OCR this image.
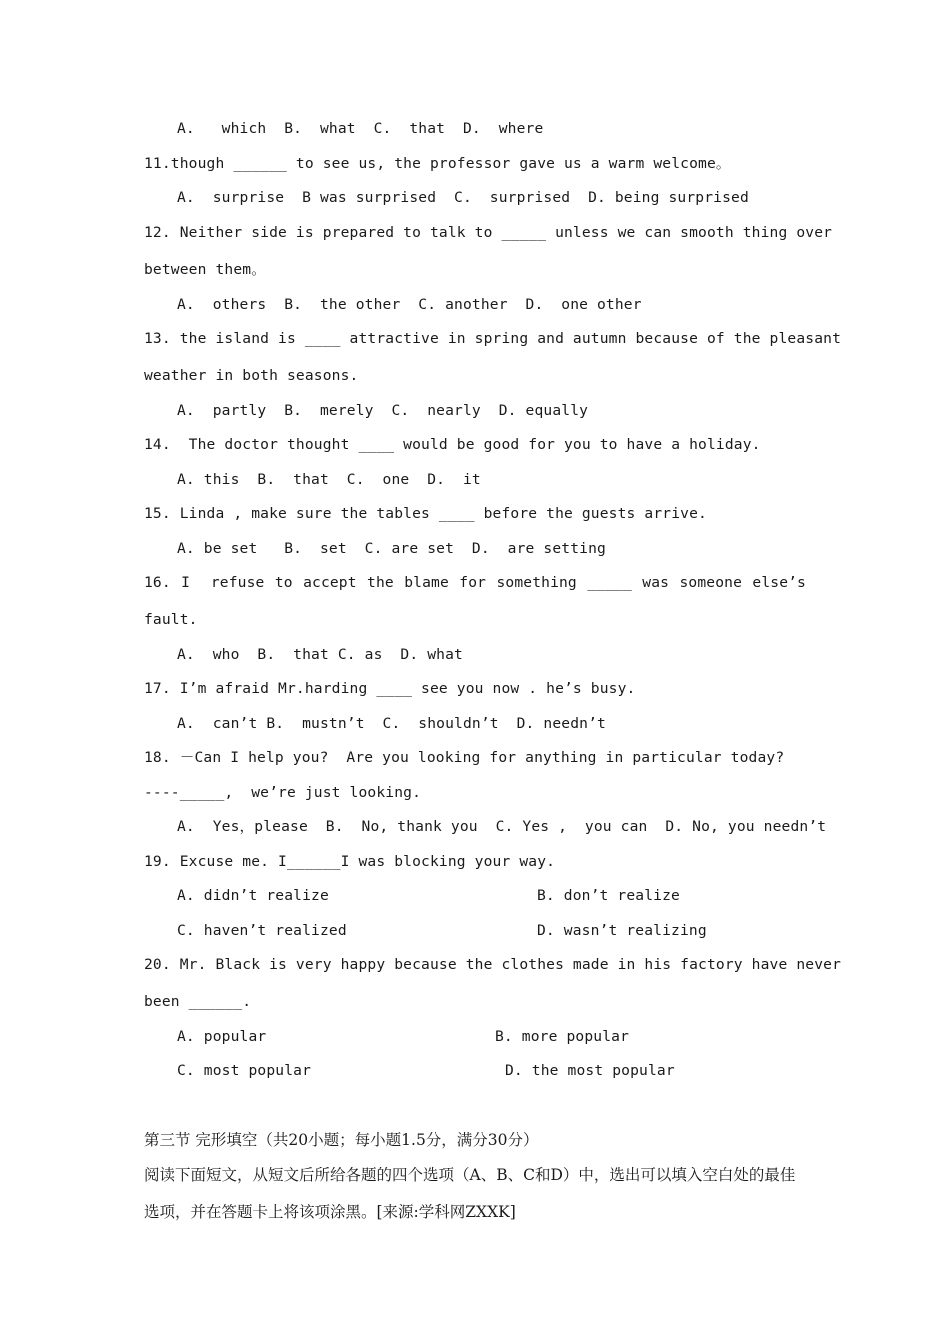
A.   which  B.  what  C.  that  D.  where
11.though ______ to see us, the professor gave us a warm welcome。
A.  surprise  B was surprised  C.  surprised  D. being surprised
12. Neither side is prepared to talk to _____ unless we can smooth thing over
between them。
A.  others  B.  the other  C. another  D.  one other
13. the island is ____ attractive in spring and autumn because of the pleasant
weather in both seasons.
A.  partly  B.  merely  C.  nearly  D. equally
14.  The doctor thought ____ would be good for you to have a holiday.
A. this  B.  that  C.  one  D.  it
15. Linda , make sure the tables ____ before the guests arrive.
A. be set   B.  set  C. are set  D.  are setting
16. I  refuse to accept the blame for something _____ was someone else’s
fault.
A.  who  B.  that C. as  D. what
17. I’m afraid Mr.harding ____ see you now . he’s busy.
A.  can’t B.  mustn’t  C.  shouldn’t  D. needn’t
18. －Can I help you?  Are you looking for anything in particular today?
----_____,  we’re just looking.
A.  Yes，please  B.  No, thank you  C. Yes ,  you can  D. No, you needn’t
19. Excuse me. I______I was blocking your way.
A. didn’t realize	B. don’t realize
C. haven’t realized	D. wasn’t realizing
20. Mr. Black is very happy because the clothes made in his factory have never
been ______.
A. popular	B. more popular
C. most popular	D. the most popular
第三节 完形填空（共20小题；每小题1.5分，满分30分）
阅读下面短文，从短文后所给各题的四个选项（A、B、C和D）中，选出可以填入空白处的最佳
选项，并在答题卡上将该项涂黑。[来源:学科网ZXXK]
